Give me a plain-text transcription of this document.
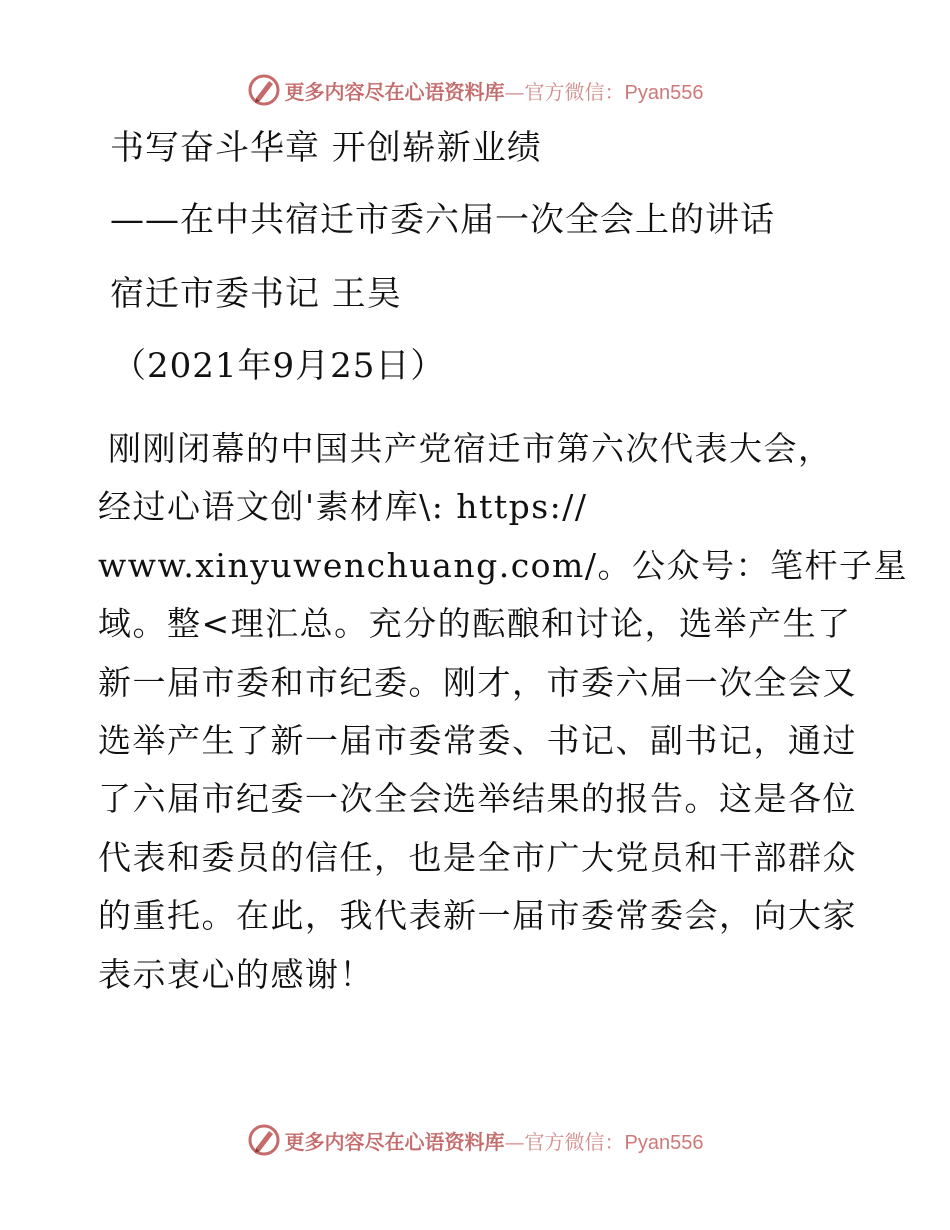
更多内容尽在心语资料库—官方微信：Pyan556
书写奋斗华章 开创崭新业绩
——在中共宿迁市委六届一次全会上的讲话
宿迁市委书记 王昊
（2021年9月25日）
刚刚闭幕的中国共产党宿迁市第六次代表大会，
经过心语文创'素材库\: https://
www.xinyuwenchuang.com/。公众号：笔杆子星
域。整<理汇总。充分的酝酿和讨论，选举产生了
新一届市委和市纪委。刚才，市委六届一次全会又
选举产生了新一届市委常委、书记、副书记，通过
了六届市纪委一次全会选举结果的报告。这是各位
代表和委员的信任，也是全市广大党员和干部群众
的重托。在此，我代表新一届市委常委会，向大家
表示衷心的感谢！
更多内容尽在心语资料库—官方微信：Pyan556
